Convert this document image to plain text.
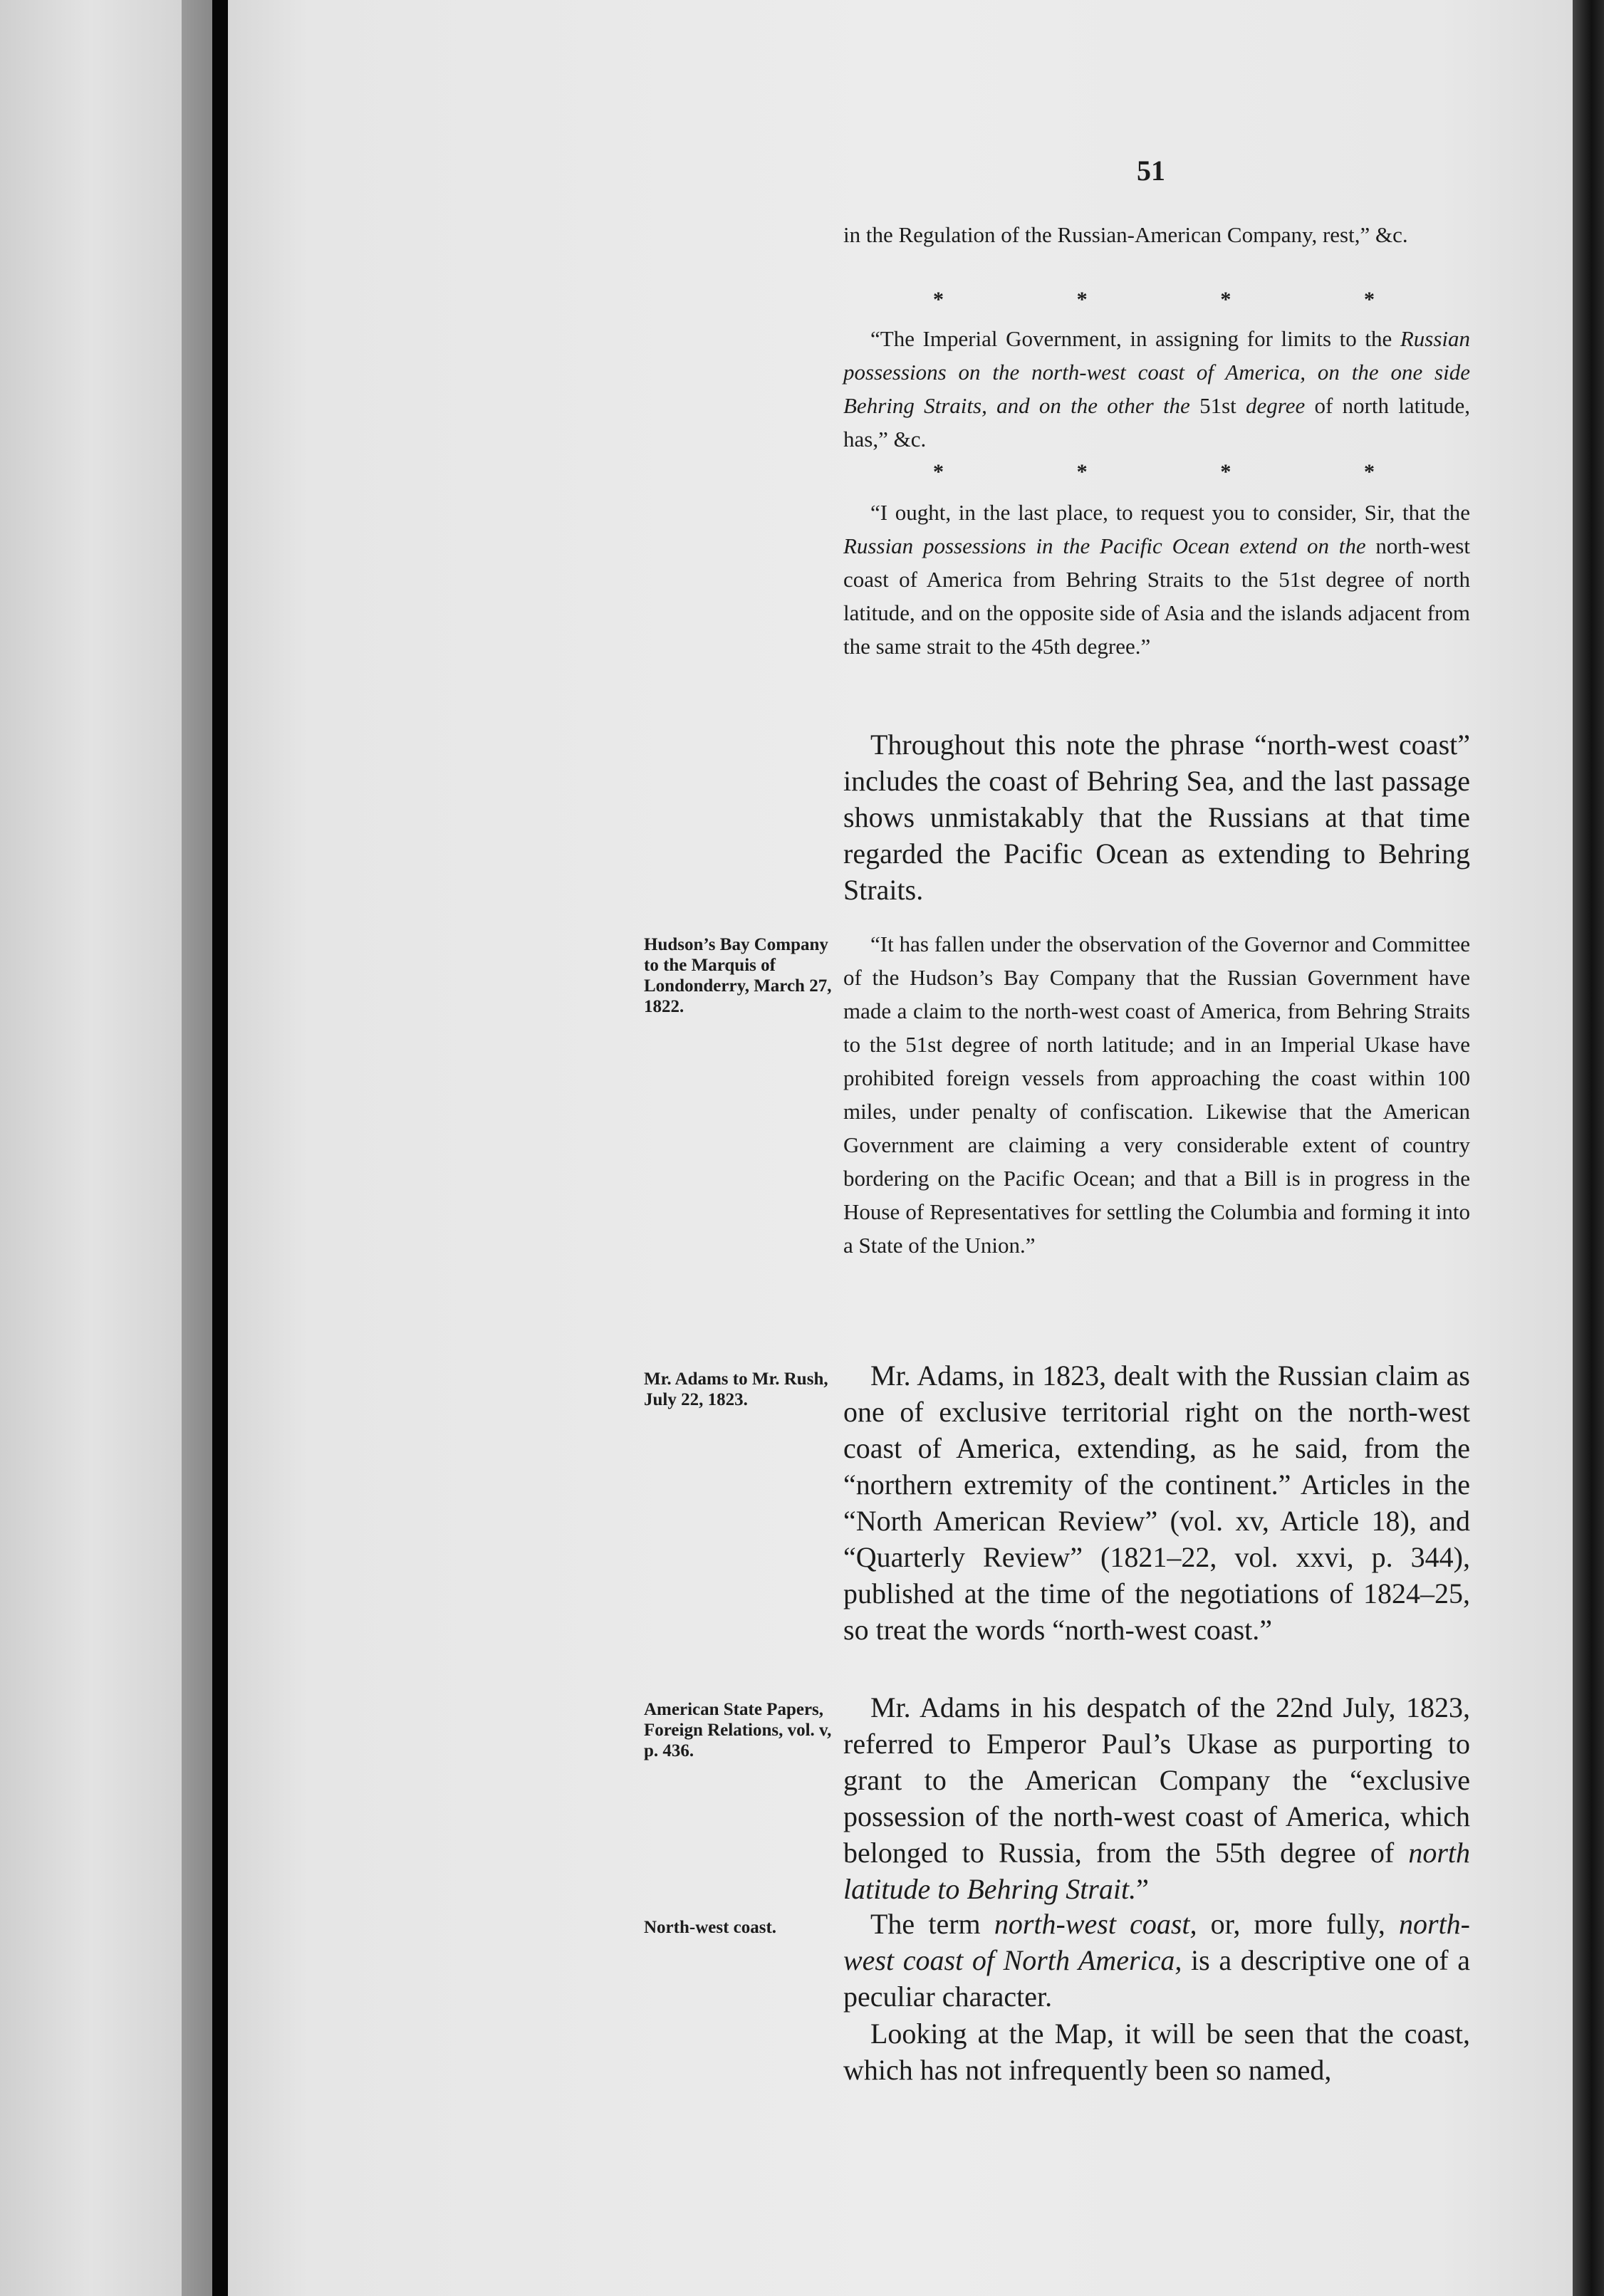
51

in the Regulation of the Russian-American Company, rest,” &c.

*	*	*	*

“The Imperial Government, in assigning for limits to the Russian possessions on the north-west coast of America, on the one side Behring Straits, and on the other the 51st degree of north latitude, has,” &c.

*	*	*	*

“I ought, in the last place, to request you to consider, Sir, that the Russian possessions in the Pacific Ocean extend on the north-west coast of America from Behring Straits to the 51st degree of north latitude, and on the opposite side of Asia and the islands adjacent from the same strait to the 45th degree.”

Throughout this note the phrase “north-west coast” includes the coast of Behring Sea, and the last passage shows unmistakably that the Russians at that time regarded the Pacific Ocean as extending to Behring Straits.

Hudson’s Bay Company to the Marquis of Londonderry, March 27, 1822.

“It has fallen under the observation of the Governor and Committee of the Hudson’s Bay Company that the Russian Government have made a claim to the north-west coast of America, from Behring Straits to the 51st degree of north latitude; and in an Imperial Ukase have prohibited foreign vessels from approaching the coast within 100 miles, under penalty of confiscation. Likewise that the American Government are claiming a very considerable extent of country bordering on the Pacific Ocean; and that a Bill is in progress in the House of Representatives for settling the Columbia and forming it into a State of the Union.”

Mr. Adams to Mr. Rush, July 22, 1823.

Mr. Adams, in 1823, dealt with the Russian claim as one of exclusive territorial right on the north-west coast of America, extending, as he said, from the “northern extremity of the continent.” Articles in the “North American Review” (vol. xv, Article 18), and “Quarterly Review” (1821–22, vol. xxvi, p. 344), published at the time of the negotiations of 1824–25, so treat the words “north-west coast.”

American State Papers, Foreign Relations, vol. v, p. 436.

Mr. Adams in his despatch of the 22nd July, 1823, referred to Emperor Paul’s Ukase as purporting to grant to the American Company the “exclusive possession of the north-west coast of America, which belonged to Russia, from the 55th degree of north latitude to Behring Strait.”

North-west coast.	The term north-west coast, or, more fully, north-west coast of North America, is a descriptive one of a peculiar character.

Looking at the Map, it will be seen that the coast, which has not infrequently been so named,
